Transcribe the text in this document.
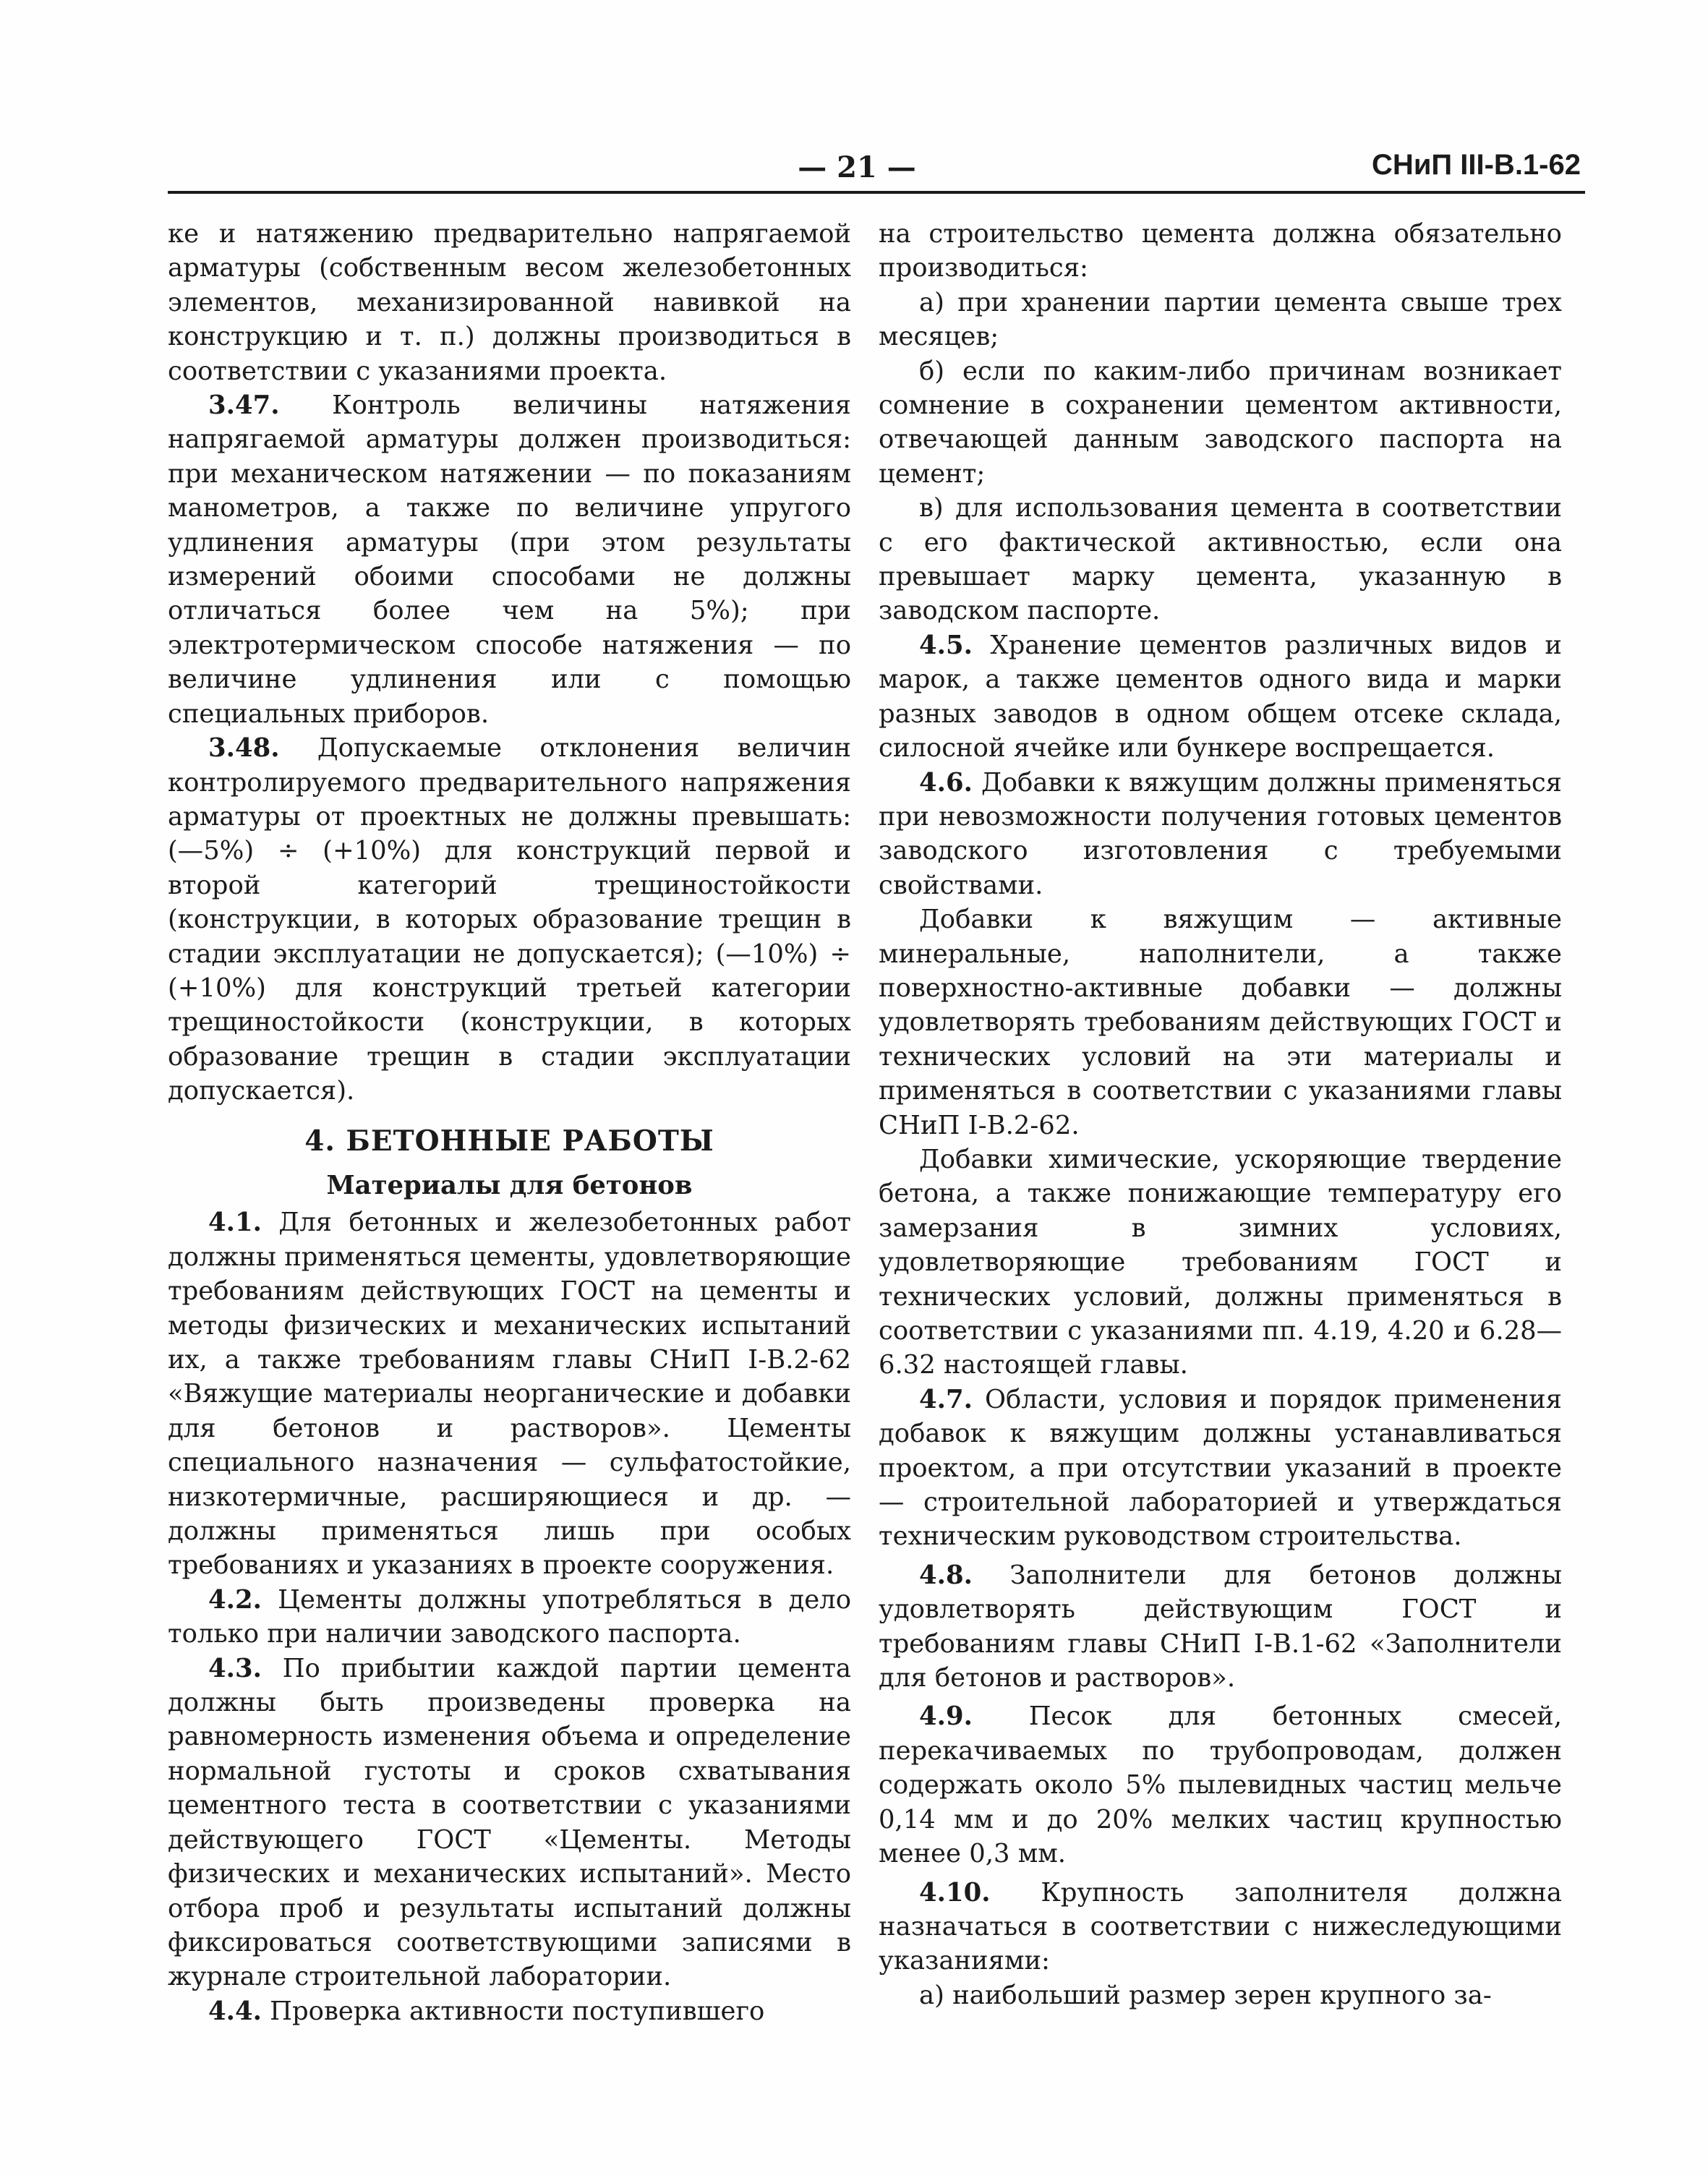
— 21 —	СНиП III-В.1-62

ке и натяжению предварительно напрягаемой арматуры (собственным весом железобетонных элементов, механизированной навивкой на конструкцию и т. п.) должны производиться в соответствии с указаниями проекта.

3.47. Контроль величины натяжения напрягаемой арматуры должен производиться: при механическом натяжении — по показаниям манометров, а также по величине упругого удлинения арматуры (при этом результаты измерений обоими способами не должны отличаться более чем на 5%); при электротермическом способе натяжения — по величине удлинения или с помощью специальных приборов.

3.48. Допускаемые отклонения величин контролируемого предварительного напряжения арматуры от проектных не должны превышать: (—5%) ÷ (+10%) для конструкций первой и второй категорий трещиностойкости (конструкции, в которых образование трещин в стадии эксплуатации не допускается); (—10%) ÷ (+10%) для конструкций третьей категории трещиностойкости (конструкции, в которых образование трещин в стадии эксплуатации допускается).

4. БЕТОННЫЕ РАБОТЫ
Материалы для бетонов

4.1. Для бетонных и железобетонных работ должны применяться цементы, удовлетворяющие требованиям действующих ГОСТ на цементы и методы физических и механических испытаний их, а также требованиям главы СНиП I-В.2-62 «Вяжущие материалы неорганические и добавки для бетонов и растворов». Цементы специального назначения — сульфатостойкие, низкотермичные, расширяющиеся и др. — должны применяться лишь при особых требованиях и указаниях в проекте сооружения.

4.2. Цементы должны употребляться в дело только при наличии заводского паспорта.

4.3. По прибытии каждой партии цемента должны быть произведены проверка на равномерность изменения объема и определение нормальной густоты и сроков схватывания цементного теста в соответствии с указаниями действующего ГОСТ «Цементы. Методы физических и механических испытаний». Место отбора проб и результаты испытаний должны фиксироваться соответствующими записями в журнале строительной лаборатории.

4.4. Проверка активности поступившего

на строительство цемента должна обязательно производиться:

а) при хранении партии цемента свыше трех месяцев;

б) если по каким-либо причинам возникает сомнение в сохранении цементом активности, отвечающей данным заводского паспорта на цемент;

в) для использования цемента в соответствии с его фактической активностью, если она превышает марку цемента, указанную в заводском паспорте.

4.5. Хранение цементов различных видов и марок, а также цементов одного вида и марки разных заводов в одном общем отсеке склада, силосной ячейке или бункере воспрещается.

4.6. Добавки к вяжущим должны применяться при невозможности получения готовых цементов заводского изготовления с требуемыми свойствами.

Добавки к вяжущим — активные минеральные, наполнители, а также поверхностно-активные добавки — должны удовлетворять требованиям действующих ГОСТ и технических условий на эти материалы и применяться в соответствии с указаниями главы СНиП I-В.2-62.

Добавки химические, ускоряющие твердение бетона, а также понижающие температуру его замерзания в зимних условиях, удовлетворяющие требованиям ГОСТ и технических условий, должны применяться в соответствии с указаниями пп. 4.19, 4.20 и 6.28—6.32 настоящей главы.

4.7. Области, условия и порядок применения добавок к вяжущим должны устанавливаться проектом, а при отсутствии указаний в проекте — строительной лабораторией и утверждаться техническим руководством строительства.

4.8. Заполнители для бетонов должны удовлетворять действующим ГОСТ и требованиям главы СНиП I-В.1-62 «Заполнители для бетонов и растворов».

4.9. Песок для бетонных смесей, перекачиваемых по трубопроводам, должен содержать около 5% пылевидных частиц мельче 0,14 мм и до 20% мелких частиц крупностью менее 0,3 мм.

4.10. Крупность заполнителя должна назначаться в соответствии с нижеследующими указаниями:

а) наибольший размер зерен крупного за-
